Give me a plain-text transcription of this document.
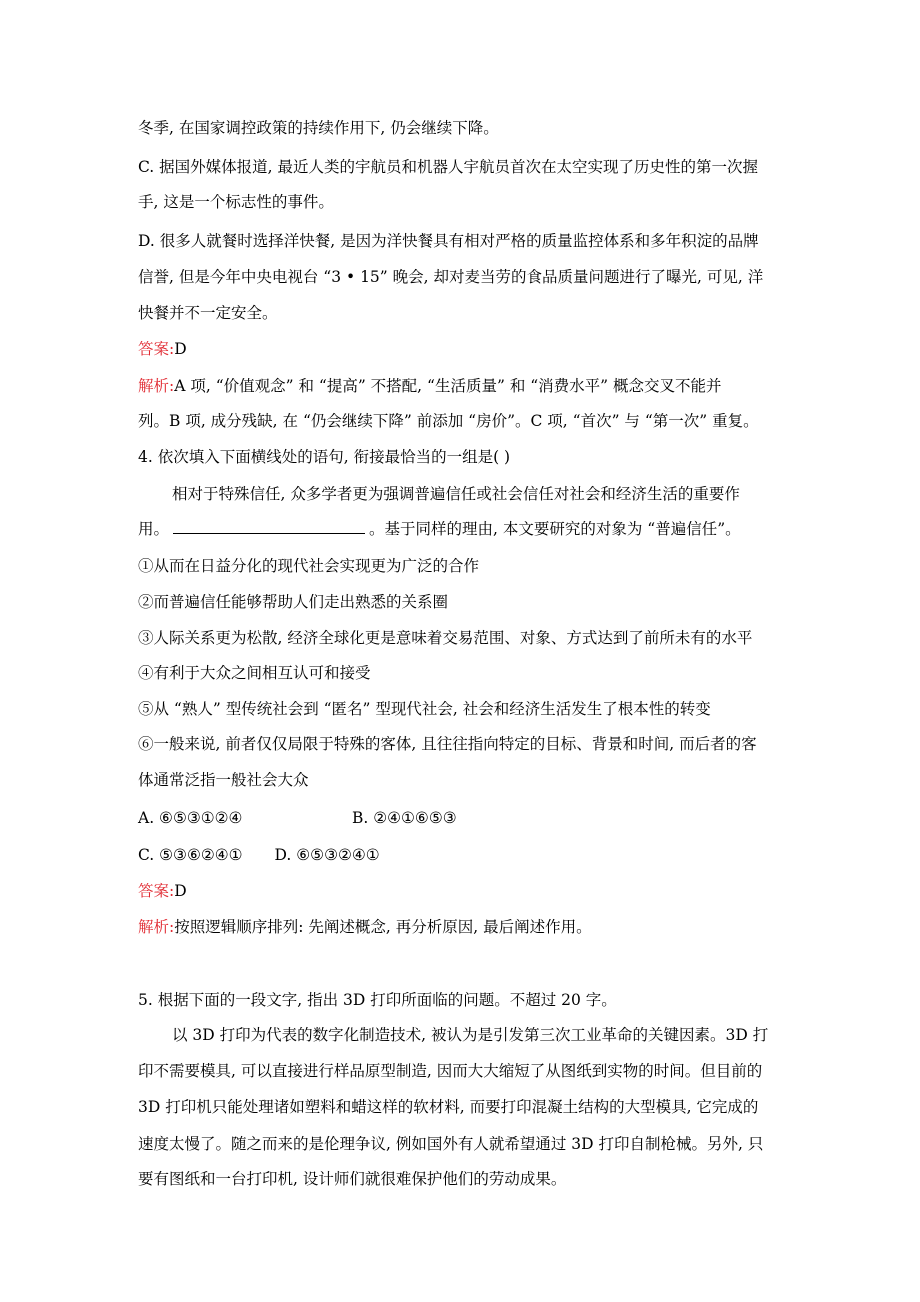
冬季, 在国家调控政策的持续作用下, 仍会继续下降。
C. 据国外媒体报道, 最近人类的宇航员和机器人宇航员首次在太空实现了历史性的第一次握
手, 这是一个标志性的事件。
D. 很多人就餐时选择洋快餐, 是因为洋快餐具有相对严格的质量监控体系和多年积淀的品牌
信誉, 但是今年中央电视台 “3 • 15” 晚会, 却对麦当劳的食品质量问题进行了曝光, 可见, 洋
快餐并不一定安全。
答案:D
解析:A 项, “价值观念” 和 “提高” 不搭配, “生活质量” 和 “消费水平” 概念交叉不能并
列。B 项, 成分残缺, 在 “仍会继续下降” 前添加 “房价”。C 项, “首次” 与 “第一次” 重复。
4. 依次填入下面横线处的语句, 衔接最恰当的一组是( )
相对于特殊信任, 众多学者更为强调普遍信任或社会信任对社会和经济生活的重要作
用。	。基于同样的理由, 本文要研究的对象为 “普遍信任”。
①从而在日益分化的现代社会实现更为广泛的合作
②而普遍信任能够帮助人们走出熟悉的关系圈
③人际关系更为松散, 经济全球化更是意味着交易范围、对象、方式达到了前所未有的水平
④有利于大众之间相互认可和接受
⑤从 “熟人” 型传统社会到 “匿名” 型现代社会, 社会和经济生活发生了根本性的转变
⑥一般来说, 前者仅仅局限于特殊的客体, 且往往指向特定的目标、背景和时间, 而后者的客
体通常泛指一般社会大众
A. ⑥⑤③①②④	B. ②④①⑥⑤③
C. ⑤③⑥②④① D. ⑥⑤③②④①
答案:D
解析:按照逻辑顺序排列: 先阐述概念, 再分析原因, 最后阐述作用。
5. 根据下面的一段文字, 指出 3D 打印所面临的问题。不超过 20 字。
以 3D 打印为代表的数字化制造技术, 被认为是引发第三次工业革命的关键因素。3D 打
印不需要模具, 可以直接进行样品原型制造, 因而大大缩短了从图纸到实物的时间。但目前的
3D 打印机只能处理诸如塑料和蜡这样的软材料, 而要打印混凝土结构的大型模具, 它完成的
速度太慢了。随之而来的是伦理争议, 例如国外有人就希望通过 3D 打印自制枪械。另外, 只
要有图纸和一台打印机, 设计师们就很难保护他们的劳动成果。
